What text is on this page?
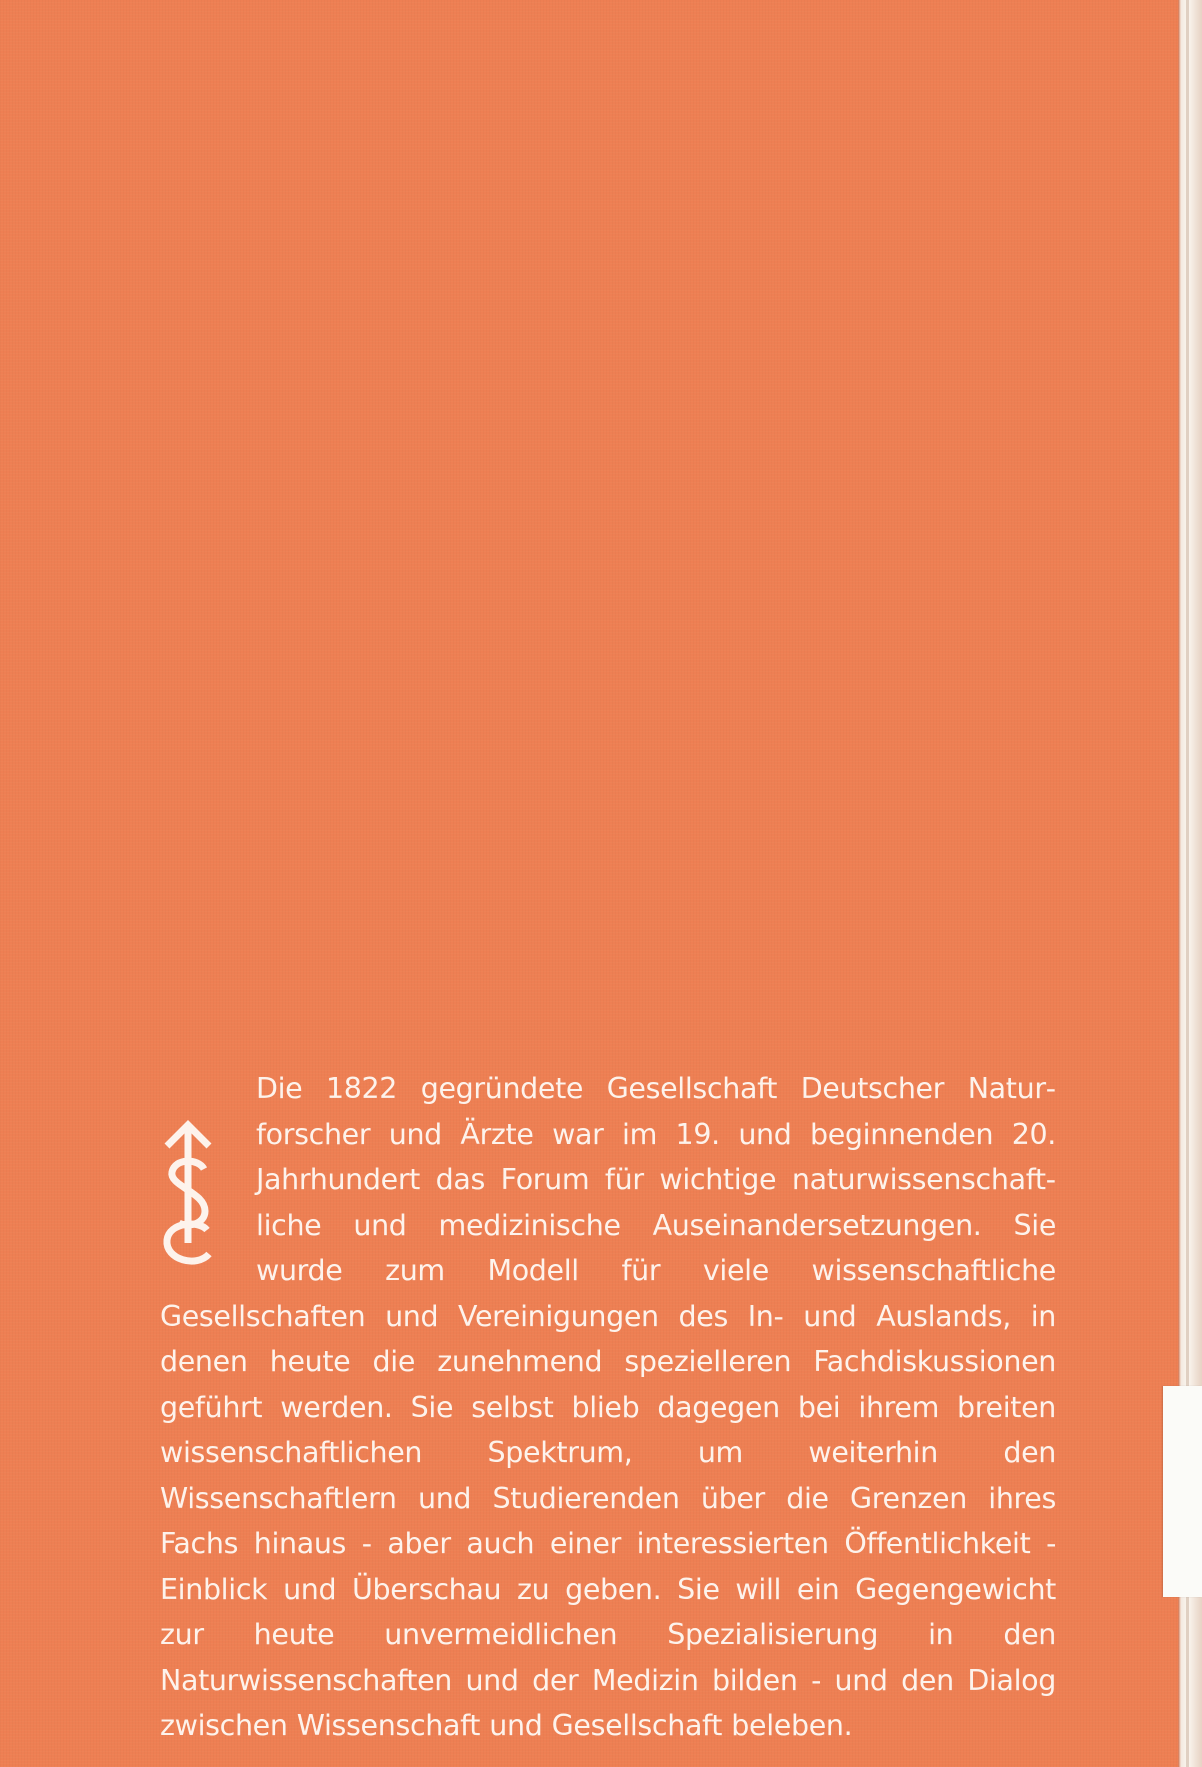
Die 1822 gegründete Gesellschaft Deutscher Naturforscher und Ärzte war im 19. und beginnenden 20. Jahrhundert das Forum für wichtige naturwissenschaftliche und medizinische Auseinandersetzungen. Sie wurde zum Modell für viele wissenschaftliche Gesellschaften und Vereinigungen des In- und Auslands, in denen heute die zunehmend spezielleren Fachdiskussionen geführt werden. Sie selbst blieb dagegen bei ihrem breiten wissenschaftlichen Spektrum, um weiterhin den Wissenschaftlern und Studierenden über die Grenzen ihres Fachs hinaus - aber auch einer interessierten Öffentlichkeit - Einblick und Überschau zu geben. Sie will ein Gegengewicht zur heute unvermeidlichen Spezialisierung in den Naturwissenschaften und der Medizin bilden - und den Dialog zwischen Wissenschaft und Gesellschaft beleben.
